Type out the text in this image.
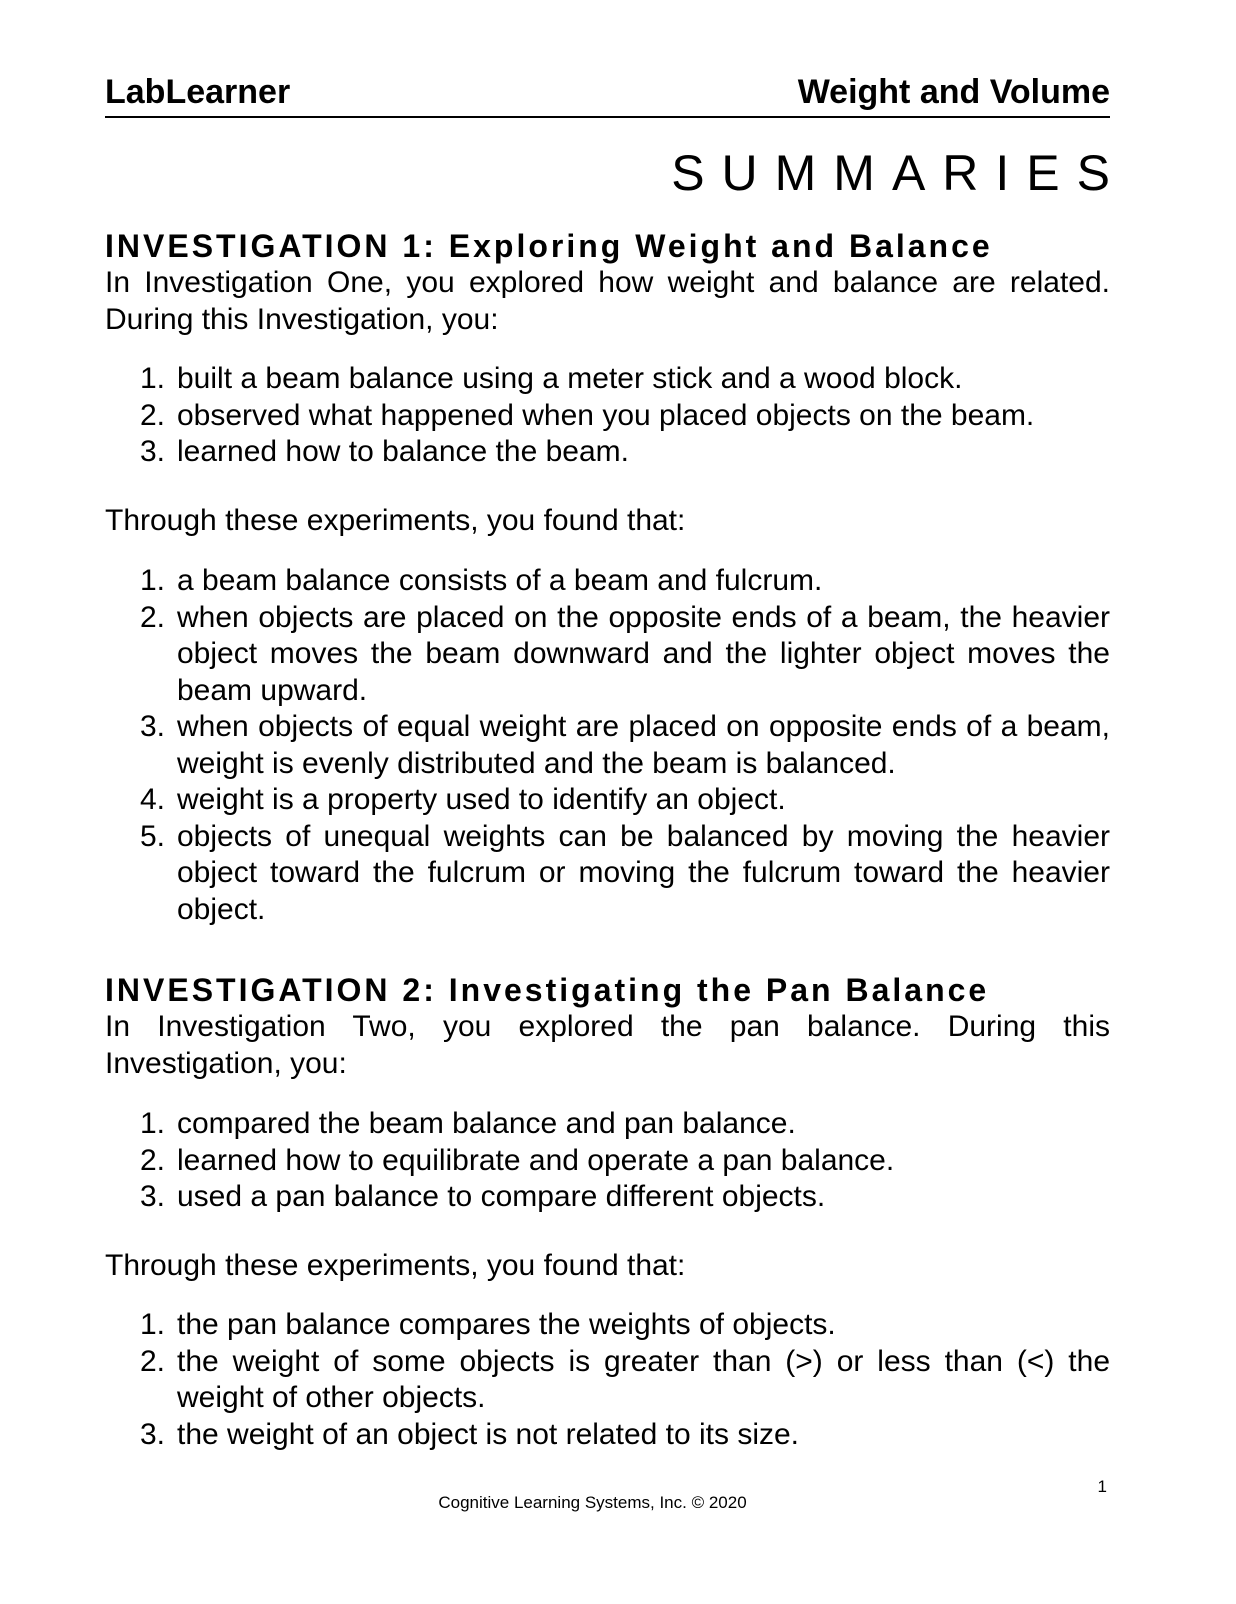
LabLearner	Weight and Volume
SUMMARIES
INVESTIGATION 1: Exploring Weight and Balance
In Investigation One, you explored how weight and balance are related. During this Investigation, you:
1. built a beam balance using a meter stick and a wood block.
2. observed what happened when you placed objects on the beam.
3. learned how to balance the beam.
Through these experiments, you found that:
1. a beam balance consists of a beam and fulcrum.
2. when objects are placed on the opposite ends of a beam, the heavier object moves the beam downward and the lighter object moves the beam upward.
3. when objects of equal weight are placed on opposite ends of a beam, weight is evenly distributed and the beam is balanced.
4. weight is a property used to identify an object.
5. objects of unequal weights can be balanced by moving the heavier object toward the fulcrum or moving the fulcrum toward the heavier object.
INVESTIGATION 2: Investigating the Pan Balance
In Investigation Two, you explored the pan balance. During this Investigation, you:
1. compared the beam balance and pan balance.
2. learned how to equilibrate and operate a pan balance.
3. used a pan balance to compare different objects.
Through these experiments, you found that:
1. the pan balance compares the weights of objects.
2. the weight of some objects is greater than (>) or less than (<) the weight of other objects.
3. the weight of an object is not related to its size.
1
Cognitive Learning Systems, Inc. © 2020
